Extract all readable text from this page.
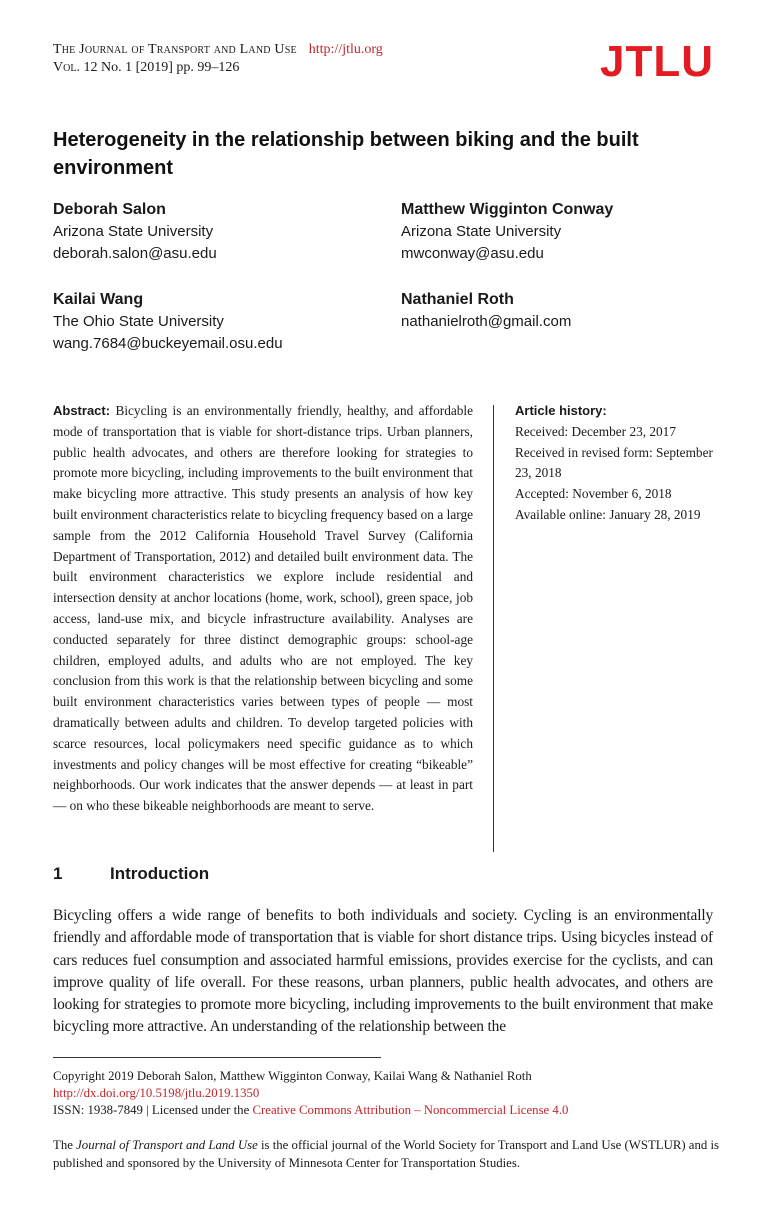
The Journal of Transport and Land Use http://jtlu.org
Vol. 12 No. 1 [2019] pp. 99–126	JTLU
Heterogeneity in the relationship between biking and the built environment
Deborah Salon
Arizona State University
deborah.salon@asu.edu
Matthew Wigginton Conway
Arizona State University
mwconway@asu.edu
Kailai Wang
The Ohio State University
wang.7684@buckeyemail.osu.edu
Nathaniel Roth
nathanielroth@gmail.com
Abstract: Bicycling is an environmentally friendly, healthy, and affordable mode of transportation that is viable for short-distance trips. Urban planners, public health advocates, and others are therefore looking for strategies to promote more bicycling, including improvements to the built environment that make bicycling more attractive. This study presents an analysis of how key built environment characteristics relate to bicycling frequency based on a large sample from the 2012 California Household Travel Survey (California Department of Transportation, 2012) and detailed built environment data. The built environment characteristics we explore include residential and intersection density at anchor locations (home, work, school), green space, job access, land-use mix, and bicycle infrastructure availability. Analyses are conducted separately for three distinct demographic groups: school-age children, employed adults, and adults who are not employed. The key conclusion from this work is that the relationship between bicycling and some built environment characteristics varies between types of people — most dramatically between adults and children. To develop targeted policies with scarce resources, local policymakers need specific guidance as to which investments and policy changes will be most effective for creating “bikeable” neighborhoods. Our work indicates that the answer depends — at least in part — on who these bikeable neighborhoods are meant to serve.
Article history:
Received: December 23, 2017
Received in revised form: September 23, 2018
Accepted: November 6, 2018
Available online: January 28, 2019
1	Introduction
Bicycling offers a wide range of benefits to both individuals and society. Cycling is an environmentally friendly and affordable mode of transportation that is viable for short distance trips. Using bicycles instead of cars reduces fuel consumption and associated harmful emissions, provides exercise for the cyclists, and can improve quality of life overall. For these reasons, urban planners, public health advocates, and others are looking for strategies to promote more bicycling, including improvements to the built environment that make bicycling more attractive. An understanding of the relationship between the
Copyright 2019 Deborah Salon, Matthew Wigginton Conway, Kailai Wang & Nathaniel Roth
http://dx.doi.org/10.5198/jtlu.2019.1350
ISSN: 1938-7849 | Licensed under the Creative Commons Attribution – Noncommercial License 4.0
The Journal of Transport and Land Use is the official journal of the World Society for Transport and Land Use (WSTLUR) and is published and sponsored by the University of Minnesota Center for Transportation Studies.
